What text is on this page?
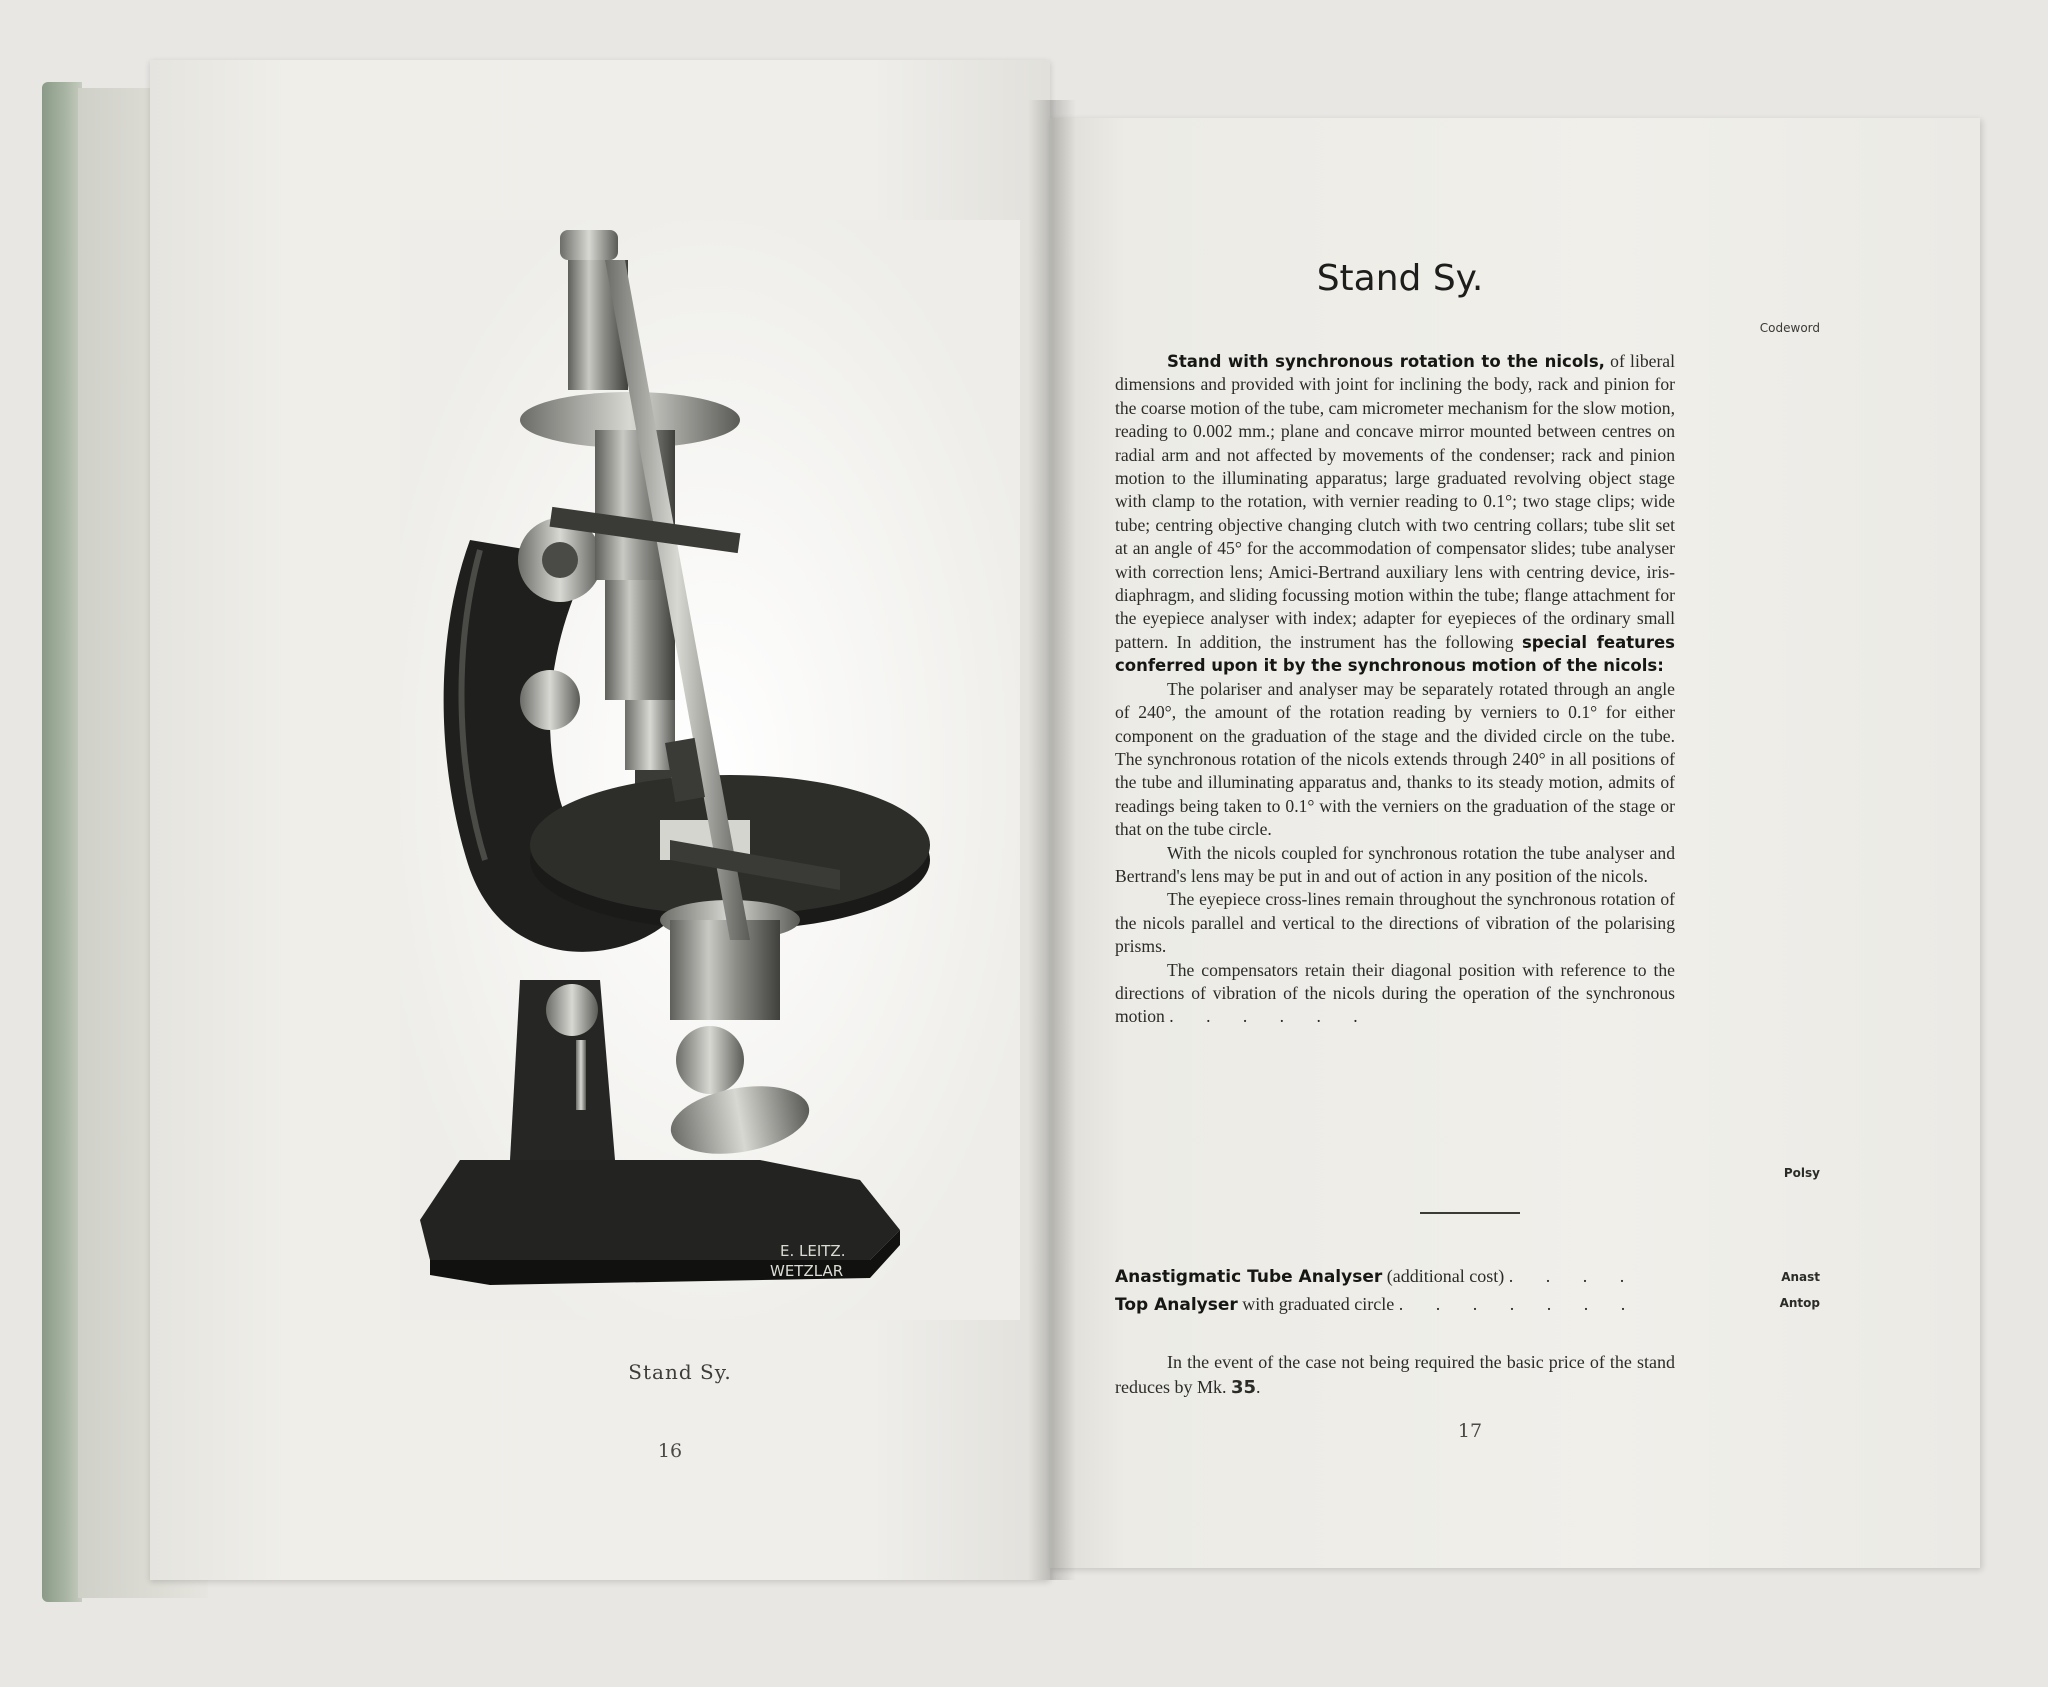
E. LEITZ.
WETZLAR
Stand Sy.
16
Stand Sy.
Codeword

Stand with synchronous rotation to the nicols, of liberal dimensions and provided with joint for inclining the body, rack and pinion for the coarse motion of the tube, cam micrometer mechanism for the slow motion, reading to 0.002 mm.; plane and concave mirror mounted between centres on radial arm and not affected by movements of the condenser; rack and pinion motion to the illuminating apparatus; large graduated revolving object stage with clamp to the rotation, with vernier reading to 0.1°; two stage clips; wide tube; centring objective changing clutch with two centring collars; tube slit set at an angle of 45° for the accommodation of compensator slides; tube analyser with correction lens; Amici-Bertrand auxiliary lens with centring device, iris-diaphragm, and sliding focussing motion within the tube; flange attachment for the eyepiece analyser with index; adapter for eyepieces of the ordinary small pattern. In addition, the instrument has the following special features conferred upon it by the synchronous motion of the nicols:

The polariser and analyser may be separately rotated through an angle of 240°, the amount of the rotation reading by verniers to 0.1° for either component on the graduation of the stage and the divided circle on the tube. The synchronous rotation of the nicols extends through 240° in all positions of the tube and illuminating apparatus and, thanks to its steady motion, admits of readings being taken to 0.1° with the verniers on the graduation of the stage or that on the tube circle.

With the nicols coupled for synchronous rotation the tube analyser and Bertrand's lens may be put in and out of action in any position of the nicols.

The eyepiece cross-lines remain throughout the synchronous rotation of the nicols parallel and vertical to the directions of vibration of the polarising prisms.

The compensators retain their diagonal position with reference to the directions of vibration of the nicols during the operation of the synchronous motion . . . . . .

Polsy
Anastigmatic Tube Analyser (additional cost) . . . .	Anast
Top Analyser with graduated circle . . . . . . .	Antop

In the event of the case not being required the basic price of the stand reduces by Mk. 35.

17
